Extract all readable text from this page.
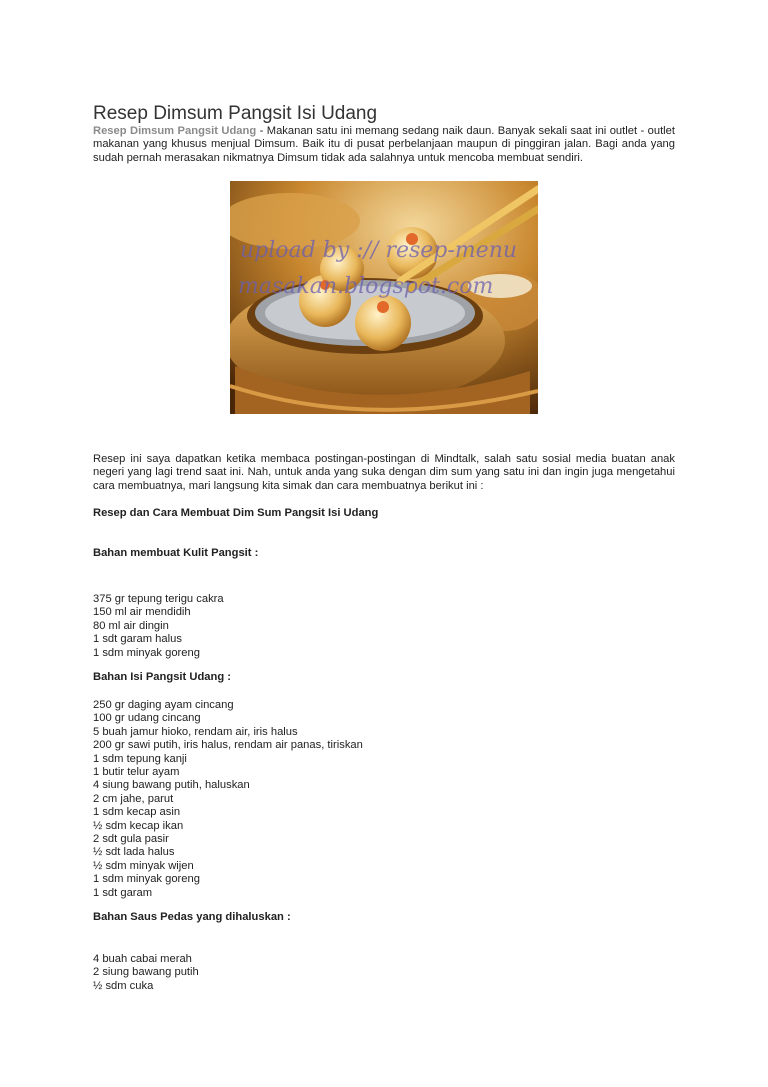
Resep Dimsum Pangsit Isi Udang

Resep Dimsum Pangsit Udang - Makanan satu ini memang sedang naik daun. Banyak sekali saat ini outlet - outlet makanan yang khusus menjual Dimsum. Baik itu di pusat perbelanjaan maupun di pinggiran jalan. Bagi anda yang sudah pernah merasakan nikmatnya Dimsum tidak ada salahnya untuk mencoba membuat sendiri.

upload by :// resep-menu
masakan.blogspot.com

Resep ini saya dapatkan ketika membaca postingan-postingan di Mindtalk, salah satu sosial media buatan anak negeri yang lagi trend saat ini. Nah, untuk anda yang suka dengan dim sum yang satu ini dan ingin juga mengetahui cara membuatnya, mari langsung kita simak dan cara membuatnya berikut ini :

Resep dan Cara Membuat Dim Sum Pangsit Isi Udang

Bahan membuat Kulit Pangsit :

375 gr tepung terigu cakra
150 ml air mendidih
80 ml air dingin
1 sdt garam halus
1 sdm minyak goreng

Bahan Isi Pangsit Udang :

250 gr daging ayam cincang
100 gr udang cincang
5 buah jamur hioko, rendam air, iris halus
200 gr sawi putih, iris halus, rendam air panas, tiriskan
1 sdm tepung kanji
1 butir telur ayam
4 siung bawang putih, haluskan
2 cm jahe, parut
1 sdm kecap asin
½ sdm kecap ikan
2 sdt gula pasir
½ sdt lada halus
½ sdm minyak wijen
1 sdm minyak goreng
1 sdt garam

Bahan Saus Pedas yang dihaluskan :

4 buah cabai merah
2 siung bawang putih
½ sdm cuka
